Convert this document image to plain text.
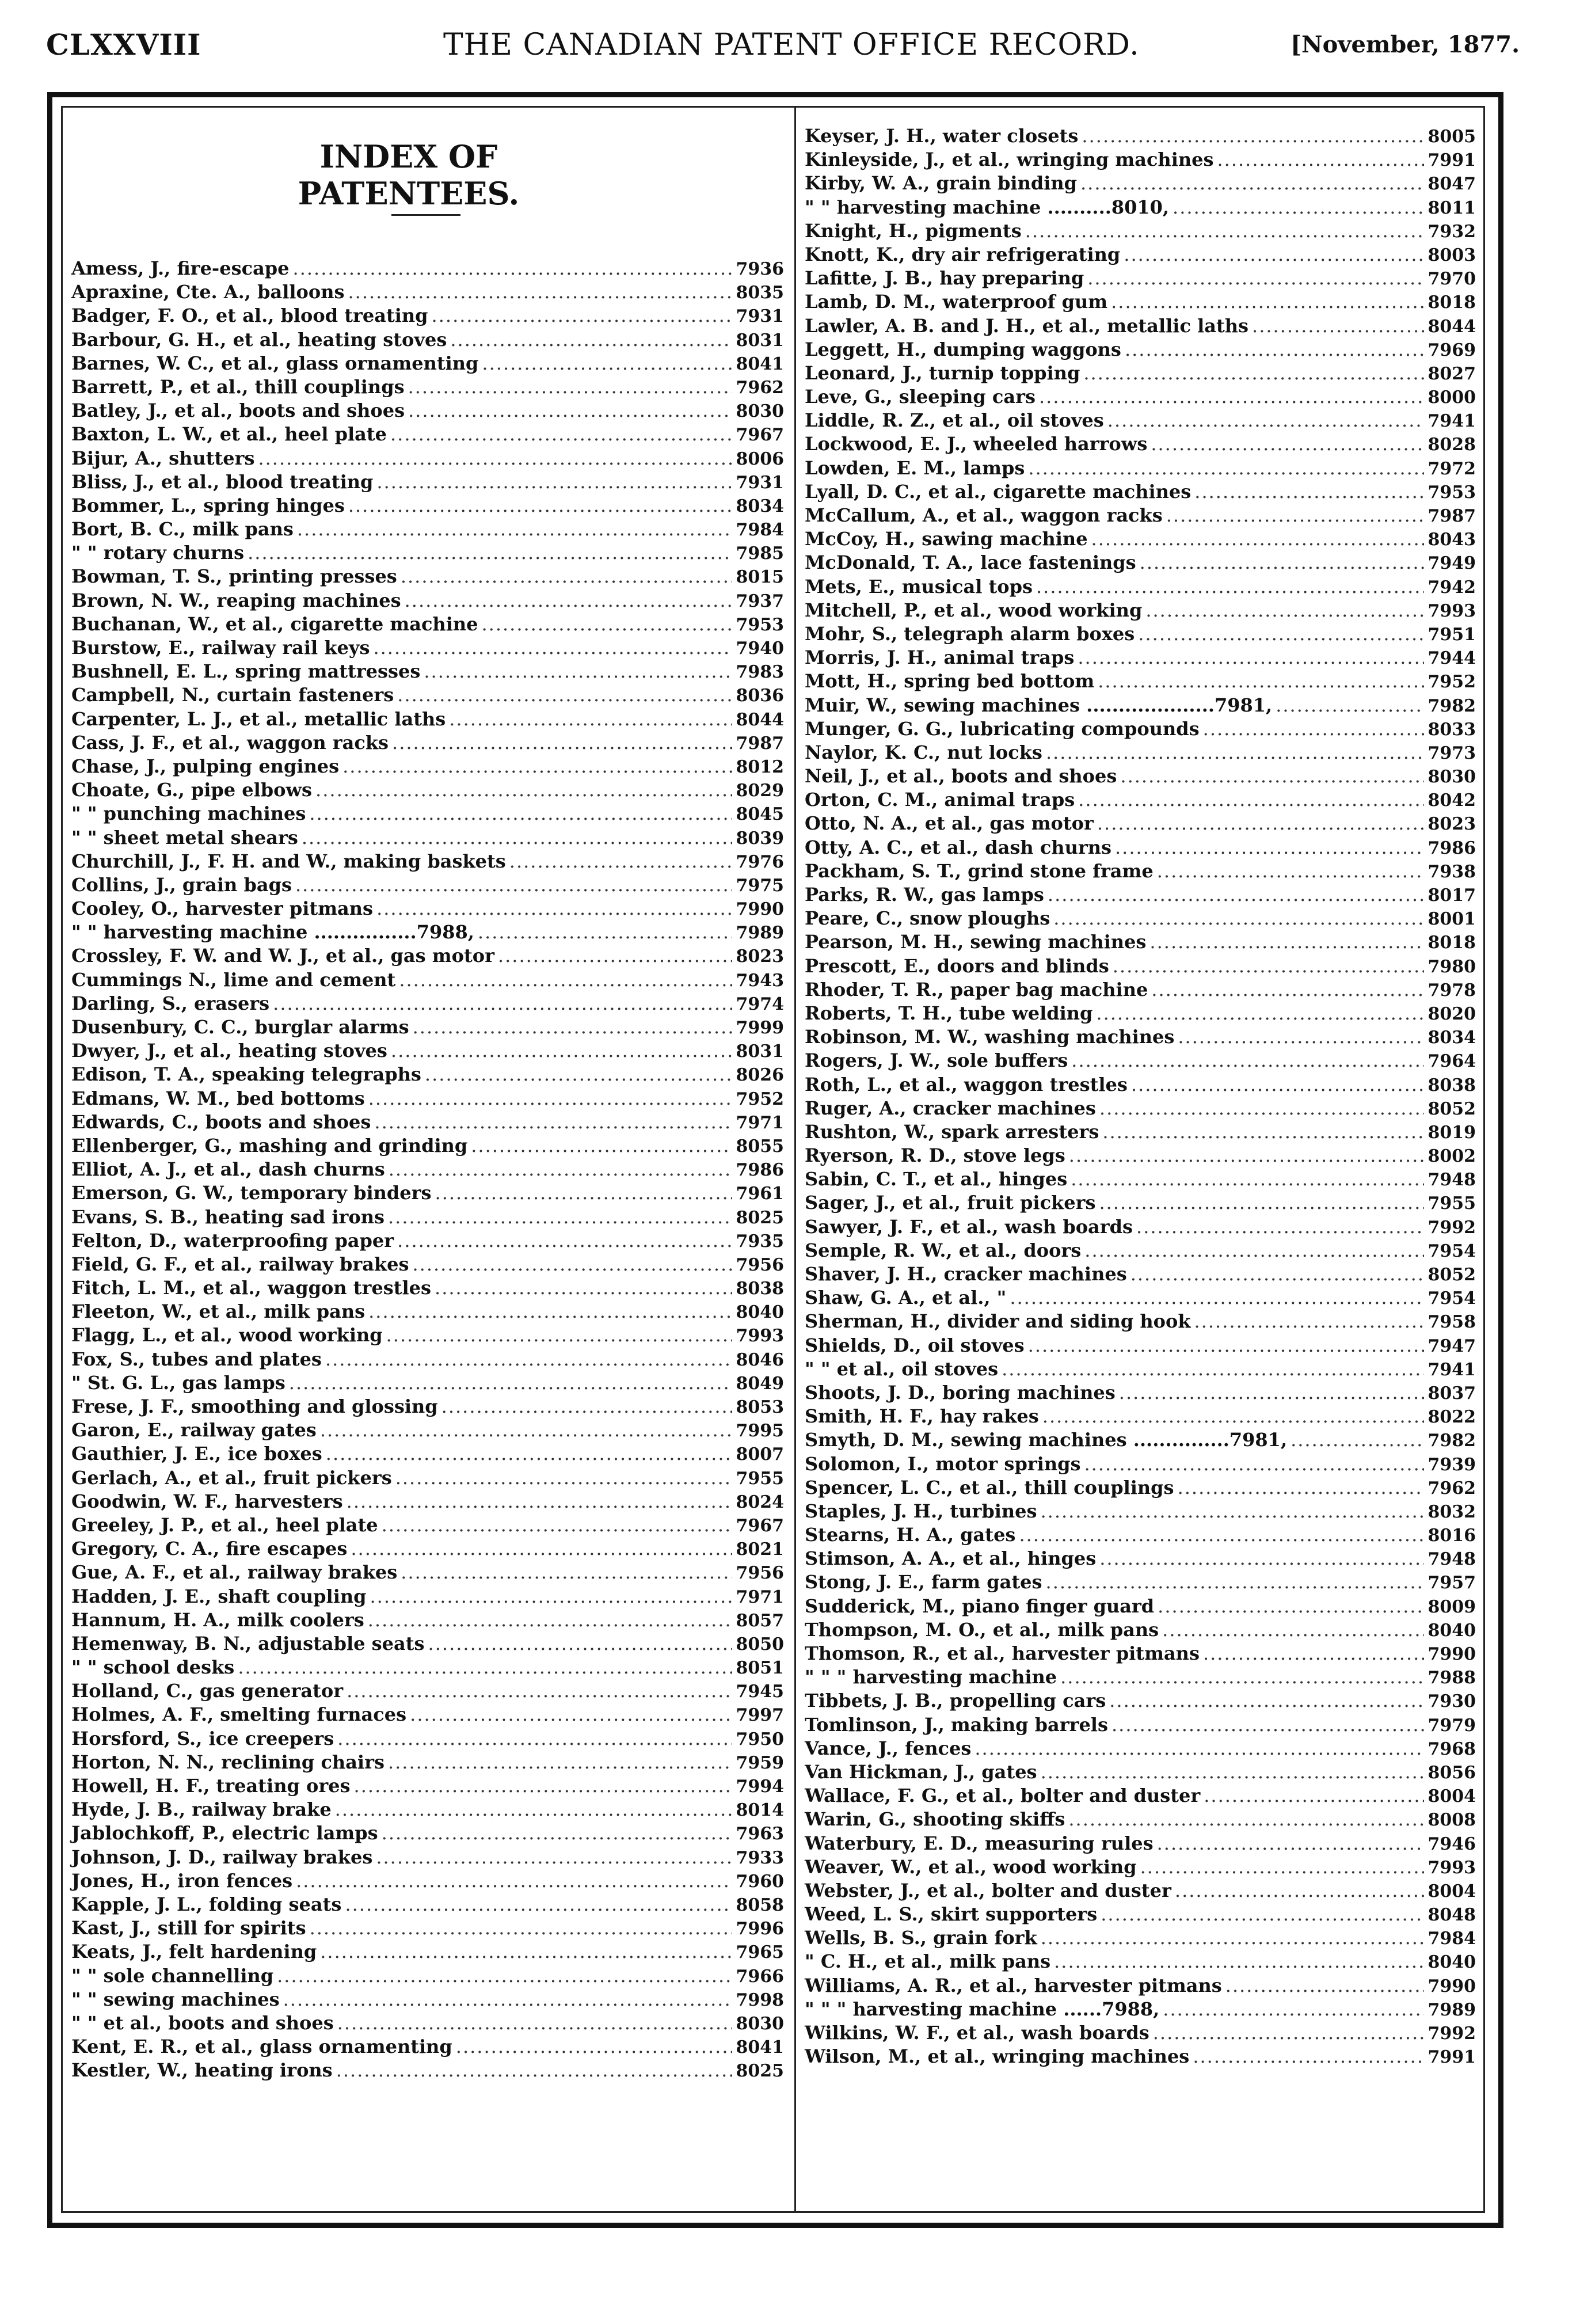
CLXXVIII	THE CANADIAN PATENT OFFICE RECORD.	[November, 1877.
INDEX OF PATENTEES.
Amess, J., fire-escape .....	7936
Apraxine, Cte. A., balloons .....	8035
Badger, F. O., et al., blood treating .....	7931
Barbour, G. H., et al., heating stoves .....	8031
Barnes, W. C., et al., glass ornamenting .....	8041
Barrett, P., et al., thill couplings .....	7962
Batley, J., et al., boots and shoes .....	8030
Baxton, L. W., et al., heel plate .....	7967
Bijur, A., shutters .....	8006
Bliss, J., et al., blood treating .....	7931
Bommer, L., spring hinges .....	8034
Bort, B. C., milk pans .....	7984
" " rotary churns .....	7985
Bowman, T. S., printing presses .....	8015
Brown, N. W., reaping machines .....	7937
Buchanan, W., et al., cigarette machine .....	7953
Burstow, E., railway rail keys .....	7940
Bushnell, E. L., spring mattresses .....	7983
Campbell, N., curtain fasteners .....	8036
Carpenter, L. J., et al., metallic laths .....	8044
Cass, J. F., et al., waggon racks .....	7987
Chase, J., pulping engines .....	8012
Choate, G., pipe elbows .....	8029
" " punching machines .....	8045
" " sheet metal shears .....	8039
Churchill, J., F. H. and W., making baskets .....	7976
Collins, J., grain bags .....	7975
Cooley, O., harvester pitmans .....	7990
" " harvesting machine ................7988, .....	7989
Crossley, F. W. and W. J., et al., gas motor .....	8023
Cummings N., lime and cement .....	7943
Darling, S., erasers .....	7974
Dusenbury, C. C., burglar alarms .....	7999
Dwyer, J., et al., heating stoves .....	8031
Edison, T. A., speaking telegraphs .....	8026
Edmans, W. M., bed bottoms .....	7952
Edwards, C., boots and shoes .....	7971
Ellenberger, G., mashing and grinding .....	8055
Elliot, A. J., et al., dash churns .....	7986
Emerson, G. W., temporary binders .....	7961
Evans, S. B., heating sad irons .....	8025
Felton, D., waterproofing paper .....	7935
Field, G. F., et al., railway brakes .....	7956
Fitch, L. M., et al., waggon trestles .....	8038
Fleeton, W., et al., milk pans .....	8040
Flagg, L., et al., wood working .....	7993
Fox, S., tubes and plates .....	8046
" St. G. L., gas lamps .....	8049
Frese, J. F., smoothing and glossing .....	8053
Garon, E., railway gates .....	7995
Gauthier, J. E., ice boxes .....	8007
Gerlach, A., et al., fruit pickers .....	7955
Goodwin, W. F., harvesters .....	8024
Greeley, J. P., et al., heel plate .....	7967
Gregory, C. A., fire escapes .....	8021
Gue, A. F., et al., railway brakes .....	7956
Hadden, J. E., shaft coupling .....	7971
Hannum, H. A., milk coolers .....	8057
Hemenway, B. N., adjustable seats .....	8050
" " school desks .....	8051
Holland, C., gas generator .....	7945
Holmes, A. F., smelting furnaces .....	7997
Horsford, S., ice creepers .....	7950
Horton, N. N., reclining chairs .....	7959
Howell, H. F., treating ores .....	7994
Hyde, J. B., railway brake .....	8014
Jablochkoff, P., electric lamps .....	7963
Johnson, J. D., railway brakes .....	7933
Jones, H., iron fences .....	7960
Kapple, J. L., folding seats .....	8058
Kast, J., still for spirits .....	7996
Keats, J., felt hardening .....	7965
" " sole channelling .....	7966
" " sewing machines .....	7998
" " et al., boots and shoes .....	8030
Kent, E. R., et al., glass ornamenting .....	8041
Kestler, W., heating irons .....	8025
Keyser, J. H., water closets .....	8005
Kinleyside, J., et al., wringing machines .....	7991
Kirby, W. A., grain binding .....	8047
" " harvesting machine ..........8010, .....	8011
Knight, H., pigments .....	7932
Knott, K., dry air refrigerating .....	8003
Lafitte, J. B., hay preparing .....	7970
Lamb, D. M., waterproof gum .....	8018
Lawler, A. B. and J. H., et al., metallic laths .....	8044
Leggett, H., dumping waggons .....	7969
Leonard, J., turnip topping .....	8027
Leve, G., sleeping cars .....	8000
Liddle, R. Z., et al., oil stoves .....	7941
Lockwood, E. J., wheeled harrows .....	8028
Lowden, E. M., lamps .....	7972
Lyall, D. C., et al., cigarette machines .....	7953
McCallum, A., et al., waggon racks .....	7987
McCoy, H., sawing machine .....	8043
McDonald, T. A., lace fastenings .....	7949
Mets, E., musical tops .....	7942
Mitchell, P., et al., wood working .....	7993
Mohr, S., telegraph alarm boxes .....	7951
Morris, J. H., animal traps .....	7944
Mott, H., spring bed bottom .....	7952
Muir, W., sewing machines ....................7981, .....	7982
Munger, G. G., lubricating compounds .....	8033
Naylor, K. C., nut locks .....	7973
Neil, J., et al., boots and shoes .....	8030
Orton, C. M., animal traps .....	8042
Otto, N. A., et al., gas motor .....	8023
Otty, A. C., et al., dash churns .....	7986
Packham, S. T., grind stone frame .....	7938
Parks, R. W., gas lamps .....	8017
Peare, C., snow ploughs .....	8001
Pearson, M. H., sewing machines .....	8018
Prescott, E., doors and blinds .....	7980
Rhoder, T. R., paper bag machine .....	7978
Roberts, T. H., tube welding .....	8020
Robinson, M. W., washing machines .....	8034
Rogers, J. W., sole buffers .....	7964
Roth, L., et al., waggon trestles .....	8038
Ruger, A., cracker machines .....	8052
Rushton, W., spark arresters .....	8019
Ryerson, R. D., stove legs .....	8002
Sabin, C. T., et al., hinges .....	7948
Sager, J., et al., fruit pickers .....	7955
Sawyer, J. F., et al., wash boards .....	7992
Semple, R. W., et al., doors .....	7954
Shaver, J. H., cracker machines .....	8052
Shaw, G. A., et al., " .....	7954
Sherman, H., divider and siding hook .....	7958
Shields, D., oil stoves .....	7947
" " et al., oil stoves .....	7941
Shoots, J. D., boring machines .....	8037
Smith, H. F., hay rakes .....	8022
Smyth, D. M., sewing machines ...............7981, .....	7982
Solomon, I., motor springs .....	7939
Spencer, L. C., et al., thill couplings .....	7962
Staples, J. H., turbines .....	8032
Stearns, H. A., gates .....	8016
Stimson, A. A., et al., hinges .....	7948
Stong, J. E., farm gates .....	7957
Sudderick, M., piano finger guard .....	8009
Thompson, M. O., et al., milk pans .....	8040
Thomson, R., et al., harvester pitmans .....	7990
" " " harvesting machine .....	7988
Tibbets, J. B., propelling cars .....	7930
Tomlinson, J., making barrels .....	7979
Vance, J., fences .....	7968
Van Hickman, J., gates .....	8056
Wallace, F. G., et al., bolter and duster .....	8004
Warin, G., shooting skiffs .....	8008
Waterbury, E. D., measuring rules .....	7946
Weaver, W., et al., wood working .....	7993
Webster, J., et al., bolter and duster .....	8004
Weed, L. S., skirt supporters .....	8048
Wells, B. S., grain fork .....	7984
" C. H., et al., milk pans .....	8040
Williams, A. R., et al., harvester pitmans .....	7990
" " " harvesting machine ......7988, .....	7989
Wilkins, W. F., et al., wash boards .....	7992
Wilson, M., et al., wringing machines .....	7991
